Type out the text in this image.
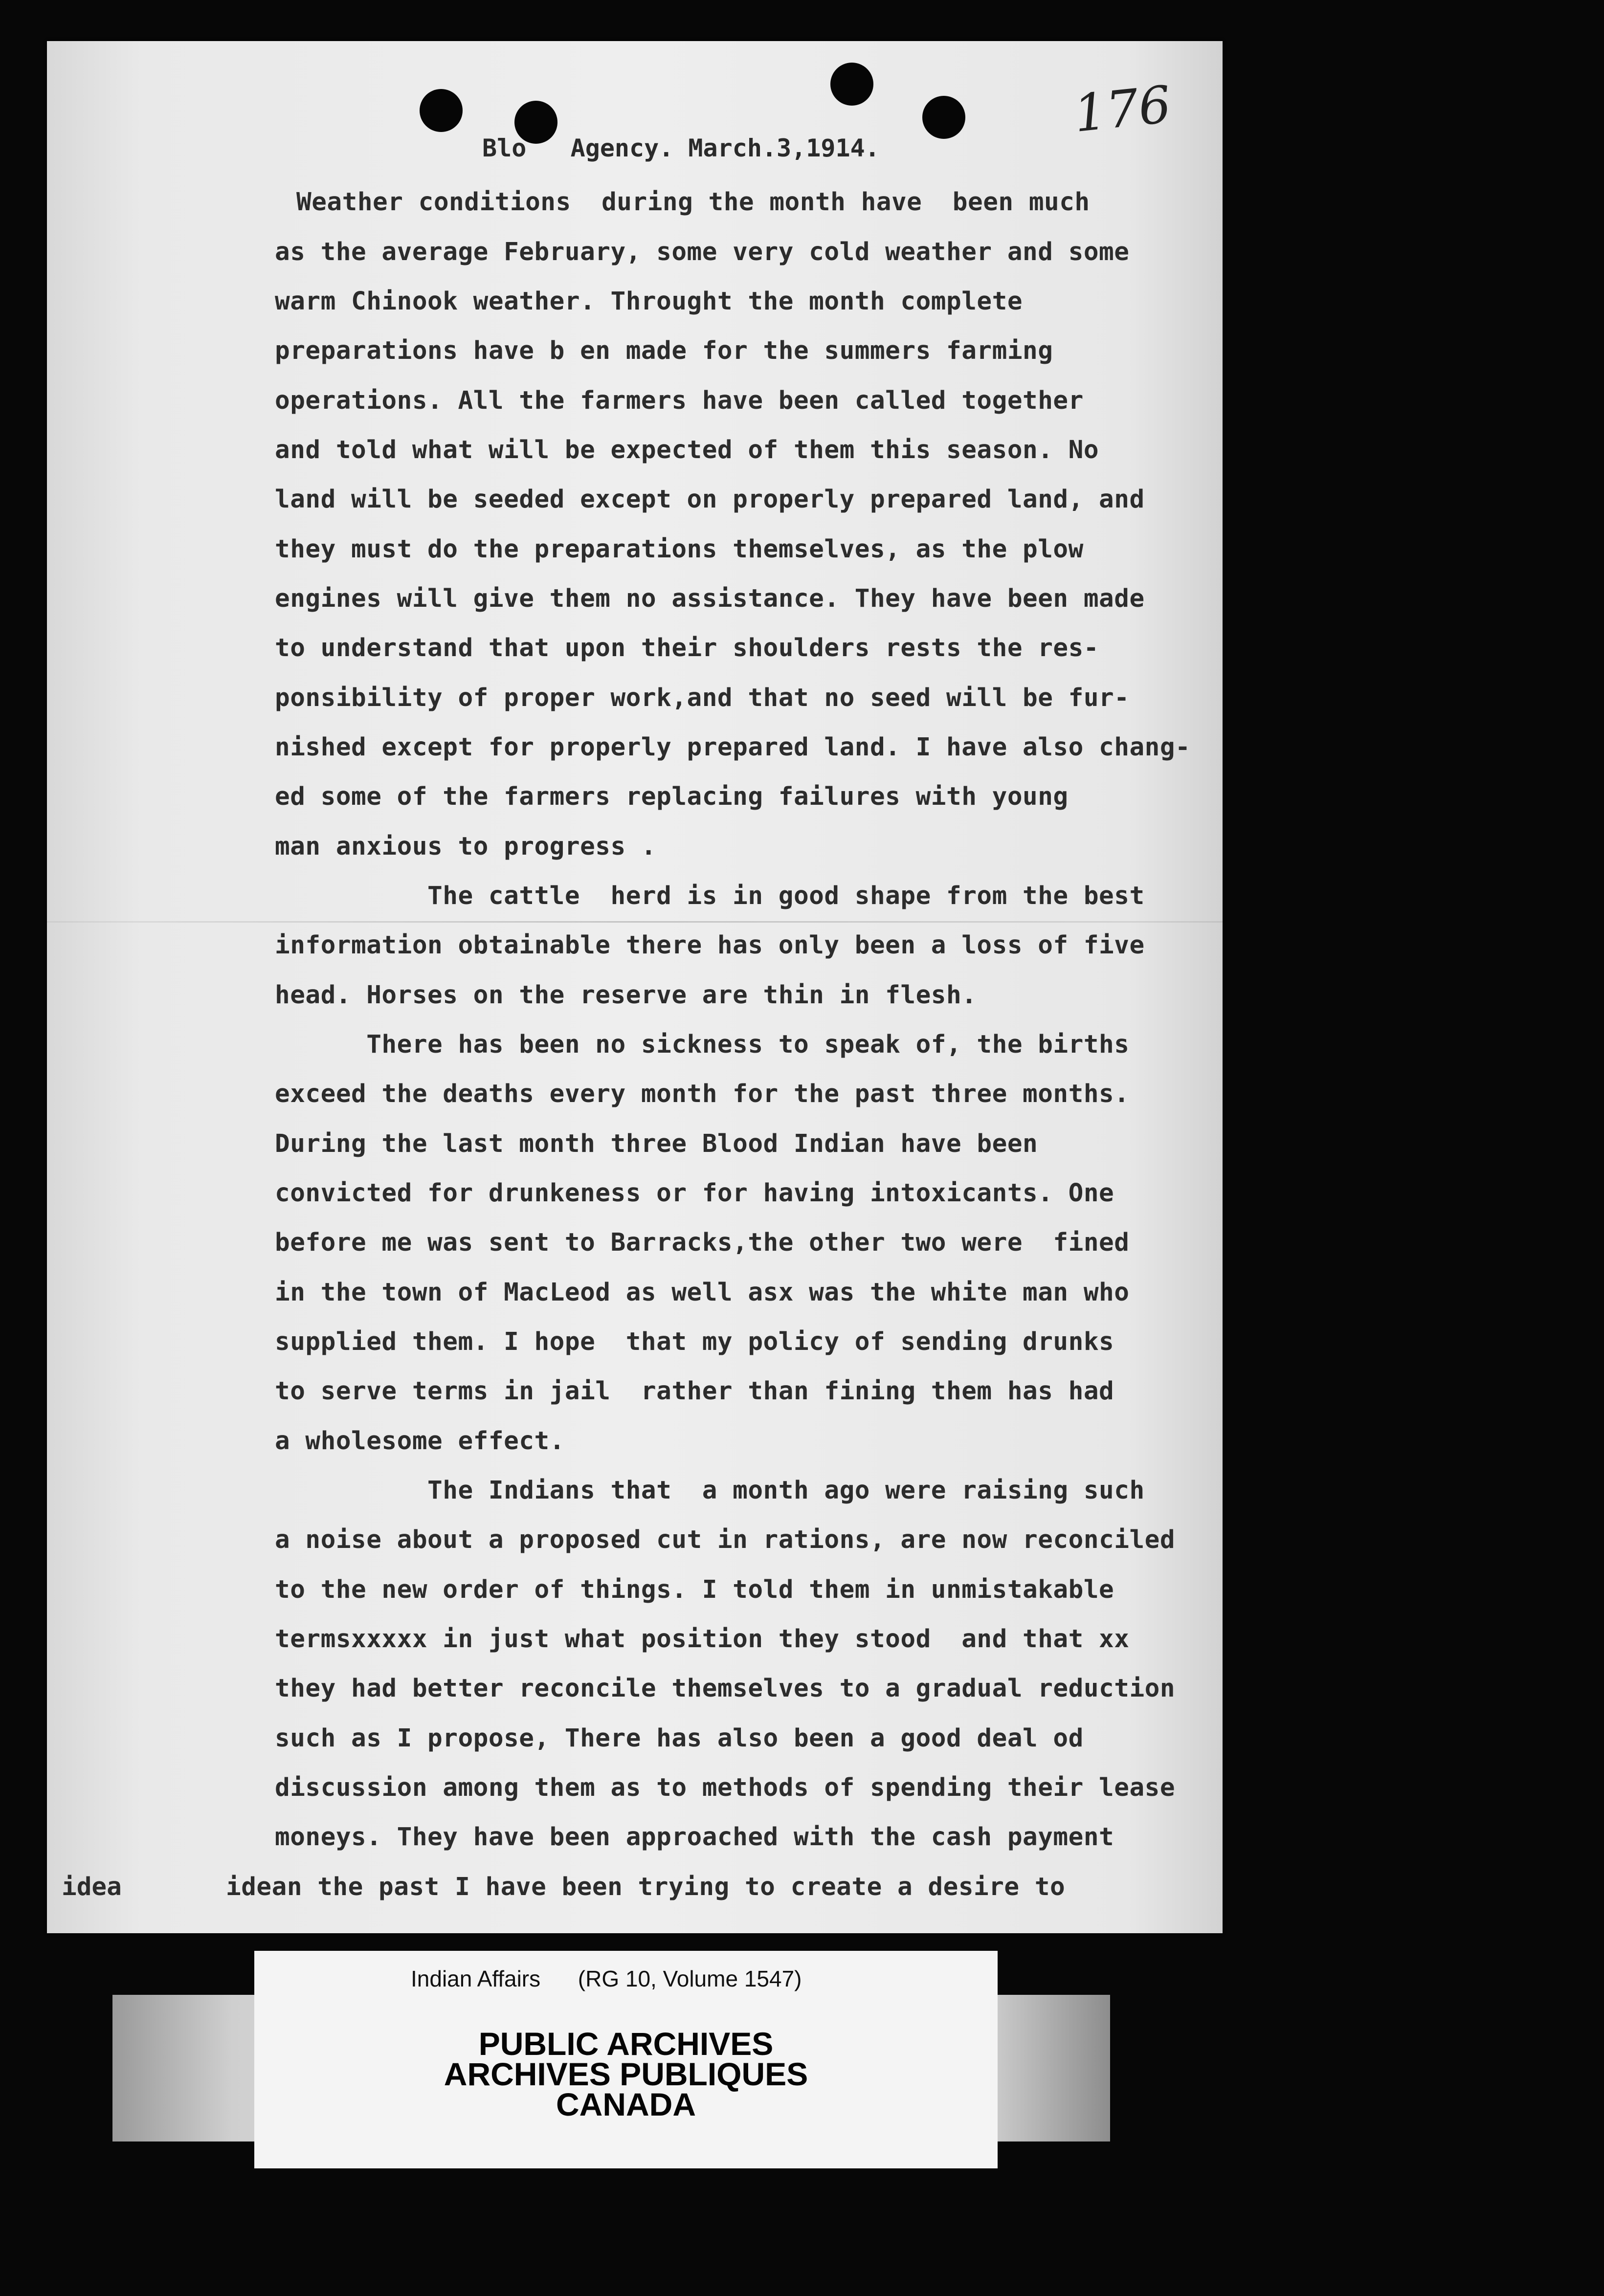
176
Blo   Agency. March.3,1914.
Weather conditions  during the month have  been much
as the average February, some very cold weather and some
warm Chinook weather. Throught the month complete
preparations have b en made for the summers farming
operations. All the farmers have been called together
and told what will be expected of them this season. No
land will be seeded except on properly prepared land, and
they must do the preparations themselves, as the plow
engines will give them no assistance. They have been made
to understand that upon their shoulders rests the res-
ponsibility of proper work,and that no seed will be fur-
nished except for properly prepared land. I have also chang-
ed some of the farmers replacing failures with young
man anxious to progress .
The cattle  herd is in good shape from the best
information obtainable there has only been a loss of five
head. Horses on the reserve are thin in flesh.
There has been no sickness to speak of, the births
exceed the deaths every month for the past three months.
During the last month three Blood Indian have been
convicted for drunkeness or for having intoxicants. One
before me was sent to Barracks,the other two were  fined
in the town of MacLeod as well asx was the white man who
supplied them. I hope  that my policy of sending drunks
to serve terms in jail  rather than fining them has had
a wholesome effect.
The Indians that  a month ago were raising such
a noise about a proposed cut in rations, are now reconciled
to the new order of things. I told them in unmistakable
termsxxxxx in just what position they stood  and that xx
they had better reconcile themselves to a gradual reduction
such as I propose, There has also been a good deal od
discussion among them as to methods of spending their lease
moneys. They have been approached with the cash payment
idean the past I have been trying to create a desire to
idea
Indian Affairs      (RG 10, Volume 1547)
PUBLIC ARCHIVES
ARCHIVES PUBLIQUES
CANADA
